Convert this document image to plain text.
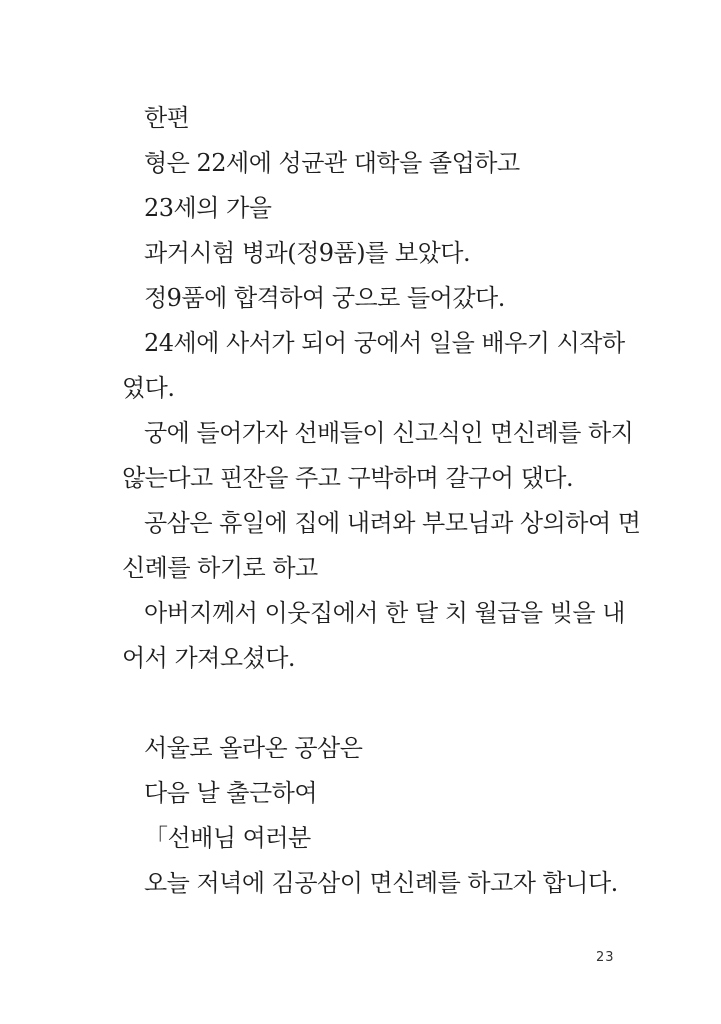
한편
형은 22세에 성균관 대학을 졸업하고
23세의 가을
과거시험 병과(정9품)를 보았다.
정9품에 합격하여 궁으로 들어갔다.
24세에 사서가 되어 궁에서 일을 배우기 시작하
였다.
궁에 들어가자 선배들이 신고식인 면신례를 하지
않는다고 핀잔을 주고 구박하며 갈구어 댔다.
공삼은 휴일에 집에 내려와 부모님과 상의하여 면
신례를 하기로 하고
아버지께서 이웃집에서 한 달 치 월급을 빚을 내
어서 가져오셨다.
서울로 올라온 공삼은
다음 날 출근하여
「선배님 여러분
오늘 저녁에 김공삼이 면신례를 하고자 합니다.
23
